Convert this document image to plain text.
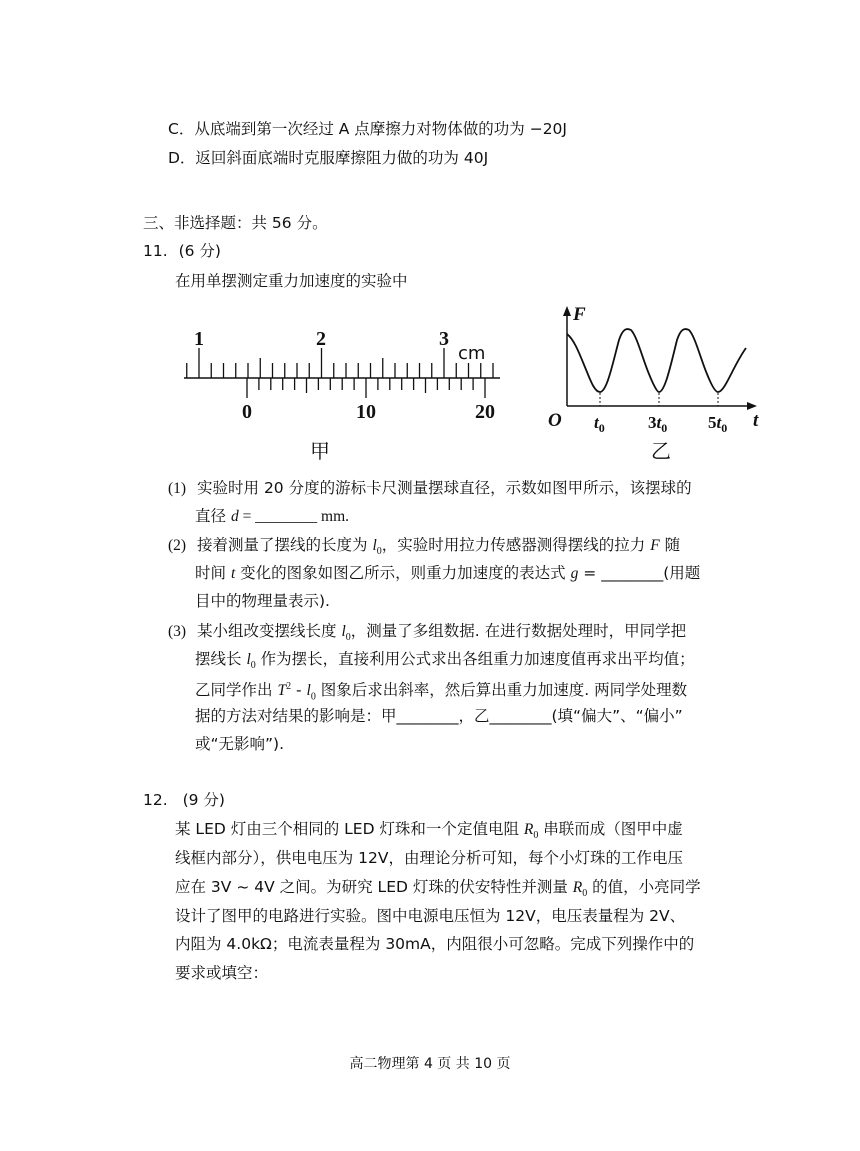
C．从底端到第一次经过 A 点摩擦力对物体做的功为 −20J
D．返回斜面底端时克服摩擦阻力做的功为 40J
三、非选择题：共 56 分。
11. (6 分)
在用单摆测定重力加速度的实验中
1	2	3
cm
0	10	20
甲
F
t
O $t_0$	$3t_0$ $5t_0$
乙
(1) 实验时用 20 分度的游标卡尺测量摆球直径，示数如图甲所示，该摆球的
直径 d = ________ mm.
(2) 接着测量了摆线的长度为 $l_0$，实验时用拉力传感器测得摆线的拉力 F 随
时间 t 变化的图象如图乙所示，则重力加速度的表达式 g = ________(用题
目中的物理量表示).
(3) 某小组改变摆线长度 $l_0$，测量了多组数据. 在进行数据处理时，甲同学把
摆线长 $l_0$ 作为摆长，直接利用公式求出各组重力加速度值再求出平均值；
乙同学作出 $T^2 - l_0$ 图象后求出斜率，然后算出重力加速度. 两同学处理数
据的方法对结果的影响是：甲________，乙________(填“偏大”、“偏小”
或“无影响”).
12. (9 分)
某 LED 灯由三个相同的 LED 灯珠和一个定值电阻 $R_0$ 串联而成（图甲中虚
线框内部分），供电电压为 12V，由理论分析可知，每个小灯珠的工作电压
应在 3V ~ 4V 之间。为研究 LED 灯珠的伏安特性并测量 $R_0$ 的值，小亮同学
设计了图甲的电路进行实验。图中电源电压恒为 12V，电压表量程为 2V、
内阻为 4.0kΩ；电流表量程为 30mA，内阻很小可忽略。完成下列操作中的
要求或填空：
高二物理第 4 页 共 10 页
